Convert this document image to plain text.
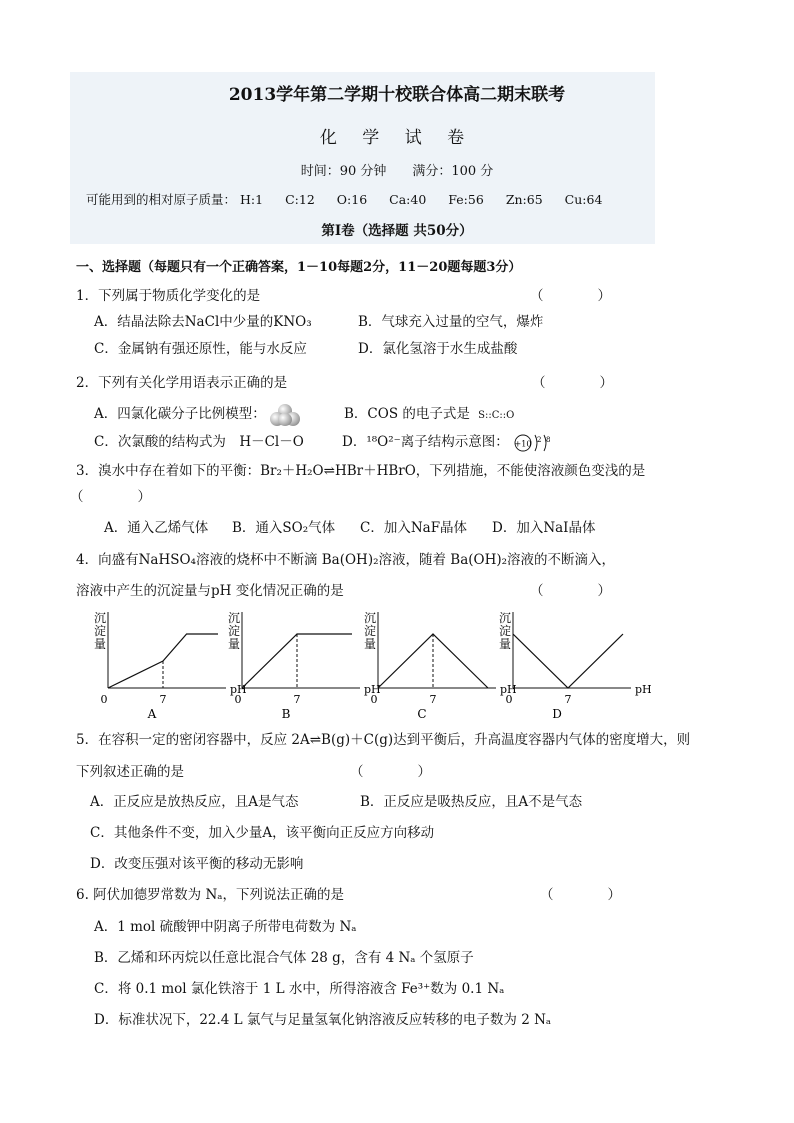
2013学年第二学期十校联合体高二期末联考
化 学 试 卷
时间：90 分钟　　满分：100 分
可能用到的相对原子质量： H:1 C:12 O:16 Ca:40 Fe:56 Zn:65 Cu:64
第Ⅰ卷（选择题 共50分）
一、选择题（每题只有一个正确答案，1－10每题2分，11－20题每题3分）
1．下列属于物质化学变化的是	（　　　　）
A．结晶法除去NaCl中少量的KNO₃	B．气球充入过量的空气，爆炸
C．金属钠有强还原性，能与水反应	D．氯化氢溶于水生成盐酸
2．下列有关化学用语表示正确的是	（　　　　）
A．四氯化碳分子比例模型：	B．COS 的电子式是 S::C::O
C．次氯酸的结构式为　H－Cl－O	D．¹⁸O²⁻离子结构示意图： +10 2 8
3．溴水中存在着如下的平衡：Br₂＋H₂O⇌HBr＋HBrO，下列措施，不能使溶液颜色变浅的是
（　　　　）
A．通入乙烯气体 B．通入SO₂气体 C．加入NaF晶体 D．加入NaI晶体
4．向盛有NaHSO₄溶液的烧杯中不断滴 Ba(OH)₂溶液，随着 Ba(OH)₂溶液的不断滴入，
溶液中产生的沉淀量与pH 变化情况正确的是	（　　　　）
沉淀量
0	7
pH
A
沉淀量
0	7
pH
B
沉淀量
0	7
pH
C
沉淀量
0	7
pH
D
5．在容积一定的密闭容器中，反应 2A⇌B(g)＋C(g)达到平衡后，升高温度容器内气体的密度增大，则
下列叙述正确的是	（　　　　）
A．正反应是放热反应，且A是气态	B．正反应是吸热反应，且A不是气态
C．其他条件不变，加入少量A，该平衡向正反应方向移动
D．改变压强对该平衡的移动无影响
6. 阿伏加德罗常数为 Nₐ，下列说法正确的是	（　　　　）
A．1 mol 硫酸钾中阴离子所带电荷数为 Nₐ
B．乙烯和环丙烷以任意比混合气体 28 g，含有 4 Nₐ 个氢原子
C．将 0.1 mol 氯化铁溶于 1 L 水中，所得溶液含 Fe³⁺数为 0.1 Nₐ
D．标准状况下，22.4 L 氯气与足量氢氧化钠溶液反应转移的电子数为 2 Nₐ
